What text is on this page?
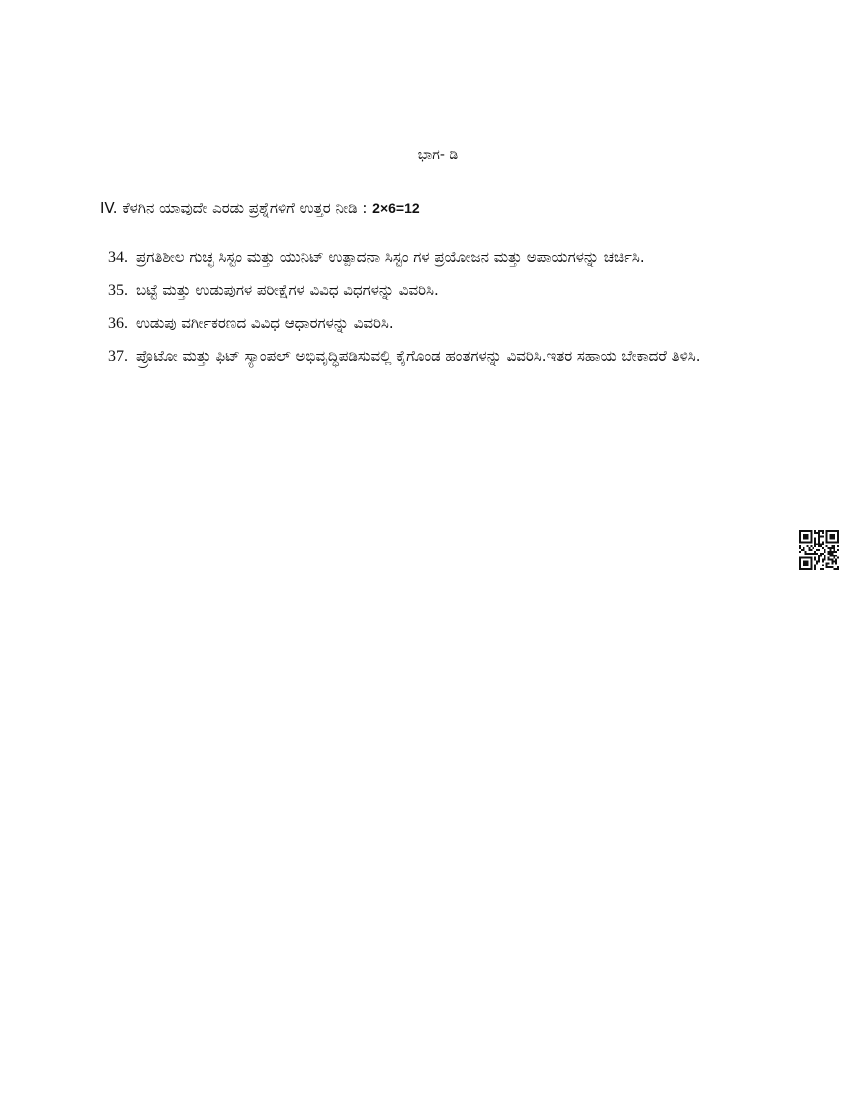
ಭಾಗ- ಡಿ
IV. ಕೆಳಗಿನ ಯಾವುದೇ ಎರಡು ಪ್ರಶ್ನೆಗಳಿಗೆ ಉತ್ತರ ನೀಡಿ : 2×6=12
34. ಪ್ರಗತಿಶೀಲ ಗುಚ್ಛ ಸಿಸ್ಟಂ ಮತ್ತು ಯುನಿಟ್ ಉತ್ಪಾದನಾ ಸಿಸ್ಟಂ ಗಳ ಪ್ರಯೋಜನ ಮತ್ತು ಅಪಾಯಗಳನ್ನು ಚರ್ಚಿಸಿ.
35. ಬಟ್ಟೆ ಮತ್ತು ಉಡುಪುಗಳ ಪರೀಕ್ಷೆಗಳ ವಿವಿಧ ವಿಧಗಳನ್ನು ವಿವರಿಸಿ.
36. ಉಡುಪು ವರ್ಗೀಕರಣದ ವಿವಿಧ ಆಧಾರಗಳನ್ನು ವಿವರಿಸಿ.
37. ಪ್ರೊಟೋ ಮತ್ತು ಫಿಟ್ ಸ್ಯಾಂಪಲ್ ಅಭಿವೃದ್ಧಿಪಡಿಸುವಲ್ಲಿ ಕೈಗೊಂಡ ಹಂತಗಳನ್ನು ವಿವರಿಸಿ.ಇತರ ಸಹಾಯ ಬೇಕಾದರೆ ತಿಳಿಸಿ.
